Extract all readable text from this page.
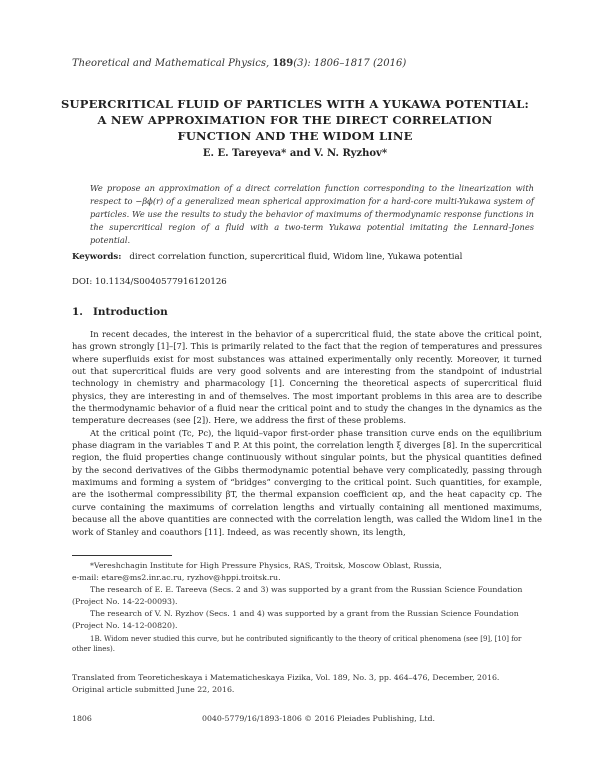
Theoretical and Mathematical Physics, 189(3): 1806–1817 (2016)
SUPERCRITICAL FLUID OF PARTICLES WITH A YUKAWA POTENTIAL: A NEW APPROXIMATION FOR THE DIRECT CORRELATION FUNCTION AND THE WIDOM LINE
E. E. Tareyeva* and V. N. Ryzhov*
We propose an approximation of a direct correlation function corresponding to the linearization with respect to −βϕ(r) of a generalized mean spherical approximation for a hard-core multi-Yukawa system of particles. We use the results to study the behavior of maximums of thermodynamic response functions in the supercritical region of a fluid with a two-term Yukawa potential imitating the Lennard-Jones potential.
Keywords: direct correlation function, supercritical fluid, Widom line, Yukawa potential
DOI: 10.1134/S0040577916120126
1. Introduction

In recent decades, the interest in the behavior of a supercritical fluid, the state above the critical point, has grown strongly [1]–[7]. This is primarily related to the fact that the region of temperatures and pressures where superfluids exist for most substances was attained experimentally only recently. Moreover, it turned out that supercritical fluids are very good solvents and are interesting from the standpoint of industrial technology in chemistry and pharmacology [1]. Concerning the theoretical aspects of supercritical fluid physics, they are interesting in and of themselves. The most important problems in this area are to describe the thermodynamic behavior of a fluid near the critical point and to study the changes in the dynamics as the temperature decreases (see [2]). Here, we address the first of these problems.

At the critical point (Tc, Pc), the liquid–vapor first-order phase transition curve ends on the equilibrium phase diagram in the variables T and P. At this point, the correlation length ξ diverges [8]. In the supercritical region, the fluid properties change continuously without singular points, but the physical quantities defined by the second derivatives of the Gibbs thermodynamic potential behave very complicatedly, passing through maximums and forming a system of “bridges” converging to the critical point. Such quantities, for example, are the isothermal compressibility βT, the thermal expansion coefficient αp, and the heat capacity cp. The curve containing the maximums of correlation lengths and virtually containing all mentioned maximums, because all the above quantities are connected with the correlation length, was called the Widom line1 in the work of Stanley and coauthors [11]. Indeed, as was recently shown, its length,

*Vereshchagin Institute for High Pressure Physics, RAS, Troitsk, Moscow Oblast, Russia,

e-mail: etare@ms2.inr.ac.ru, ryzhov@hppi.troitsk.ru.

The research of E. E. Tareeva (Secs. 2 and 3) was supported by a grant from the Russian Science Foundation (Project No. 14-22-00093).

The research of V. N. Ryzhov (Secs. 1 and 4) was supported by a grant from the Russian Science Foundation (Project No. 14-12-00820).

1B. Widom never studied this curve, but he contributed significantly to the theory of critical phenomena (see [9], [10] for other lines).

Translated from Teoreticheskaya i Matematicheskaya Fizika, Vol. 189, No. 3, pp. 464–476, December, 2016.
Original article submitted June 22, 2016.
1806	0040-5779/16/1893-1806 © 2016 Pleiades Publishing, Ltd.
